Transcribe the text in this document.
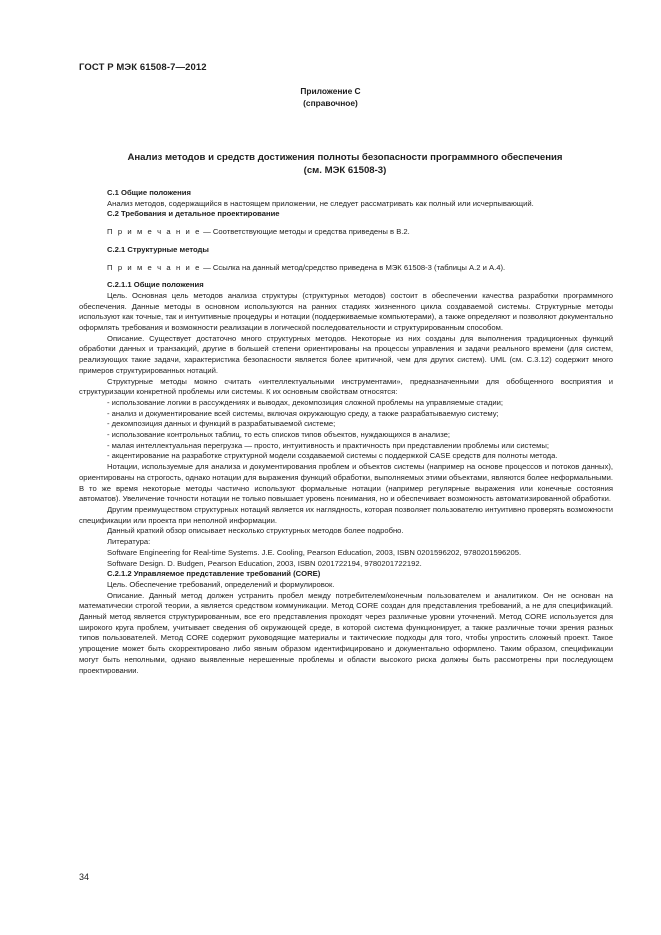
ГОСТ Р МЭК 61508-7—2012
Приложение С
(справочное)
Анализ методов и средств достижения полноты безопасности программного обеспечения
(см. МЭК 61508-3)

С.1 Общие положения

Анализ методов, содержащийся в настоящем приложении, не следует рассматривать как полный или исчерпывающий.

С.2 Требования и детальное проектирование

П р и м е ч а н и е — Соответствующие методы и средства приведены в В.2.

С.2.1 Структурные методы

П р и м е ч а н и е — Ссылка на данный метод/средство приведена в МЭК 61508-3 (таблицы А.2 и А.4).

С.2.1.1 Общие положения

Цель. Основная цель методов анализа структуры (структурных методов) состоит в обеспечении качества разработки программного обеспечения. Данные методы в основном используются на ранних стадиях жизненного цикла создаваемой системы. Структурные методы используют как точные, так и интуитивные процедуры и нотации (поддерживаемые компьютерами), а также определяют и позволяют документально оформлять требования и возможности реализации в логической последовательности и структурированным способом.

Описание. Существует достаточно много структурных методов. Некоторые из них созданы для выполнения традиционных функций обработки данных и транзакций, другие в большей степени ориентированы на процессы управления и задачи реального времени (для систем, реализующих такие задачи, характеристика безопасности является более критичной, чем для других систем). UML (см. С.3.12) содержит много примеров структурированных нотаций.

Структурные методы можно считать «интеллектуальными инструментами», предназначенными для обобщенного восприятия и структуризации конкретной проблемы или системы. К их основным свойствам относятся:

- использование логики в рассуждениях и выводах, декомпозиция сложной проблемы на управляемые стадии;

- анализ и документирование всей системы, включая окружающую среду, а также разрабатываемую систему;

- декомпозиция данных и функций в разрабатываемой системе;

- использование контрольных таблиц, то есть списков типов объектов, нуждающихся в анализе;

- малая интеллектуальная перегрузка — просто, интуитивность и практичность при представлении проблемы или системы;

- акцентирование на разработке структурной модели создаваемой системы с поддержкой CASE средств для полноты метода.

Нотации, используемые для анализа и документирования проблем и объектов системы (например на основе процессов и потоков данных), ориентированы на строгость, однако нотации для выражения функций обработки, выполняемых этими объектами, являются более неформальными. В то же время некоторые методы частично используют формальные нотации (например регулярные выражения или конечные состояния автоматов). Увеличение точности нотации не только повышает уровень понимания, но и обеспечивает возможность автоматизированной обработки.

Другим преимуществом структурных нотаций является их наглядность, которая позволяет пользователю интуитивно проверять возможности спецификации или проекта при неполной информации.

Данный краткий обзор описывает несколько структурных методов более подробно.

Литература:

Software Engineering for Real-time Systems. J.E. Cooling, Pearson Education, 2003, ISBN 0201596202, 9780201596205.

Software Design. D. Budgen, Pearson Education, 2003, ISBN 0201722194, 9780201722192.

С.2.1.2 Управляемое представление требований (CORE)

Цель. Обеспечение требований, определений и формулировок.

Описание. Данный метод должен устранить пробел между потребителем/конечным пользователем и аналитиком. Он не основан на математически строгой теории, а является средством коммуникации. Метод CORE создан для представления требований, а не для спецификаций. Данный метод является структурированным, все его представления проходят через различные уровни уточнений. Метод CORE используется для широкого круга проблем, учитывает сведения об окружающей среде, в которой система функционирует, а также различные точки зрения разных типов пользователей. Метод CORE содержит руководящие материалы и тактические подходы для того, чтобы упростить сложный проект. Такое упрощение может быть скорректировано либо явным образом идентифицировано и документально оформлено. Таким образом, спецификации могут быть неполными, однако выявленные нерешенные проблемы и области высокого риска должны быть рассмотрены при последующем проектировании.

34
